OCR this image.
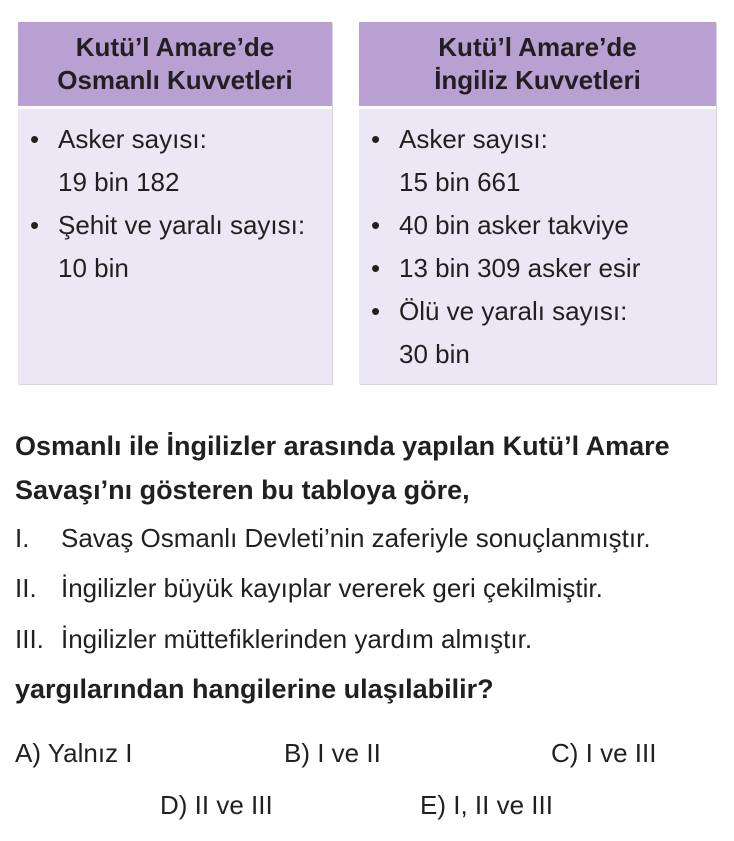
Kutü’l Amare’de
Osmanlı Kuvvetleri
• Asker sayısı:
19 bin 182
• Şehit ve yaralı sayısı:
10 bin
Kutü’l Amare’de
İngiliz Kuvvetleri
• Asker sayısı:
15 bin 661
• 40 bin asker takviye
• 13 bin 309 asker esir
• Ölü ve yaralı sayısı:
30 bin
Osmanlı ile İngilizler arasında yapılan Kutü’l Amare
Savaşı’nı gösteren bu tabloya göre,
I. Savaş Osmanlı Devleti’nin zaferiyle sonuçlanmıştır.
II. İngilizler büyük kayıplar vererek geri çekilmiştir.
III. İngilizler müttefiklerinden yardım almıştır.
yargılarından hangilerine ulaşılabilir?
A) Yalnız I	B) I ve II	C) I ve III
D) II ve III	E) I, II ve III
